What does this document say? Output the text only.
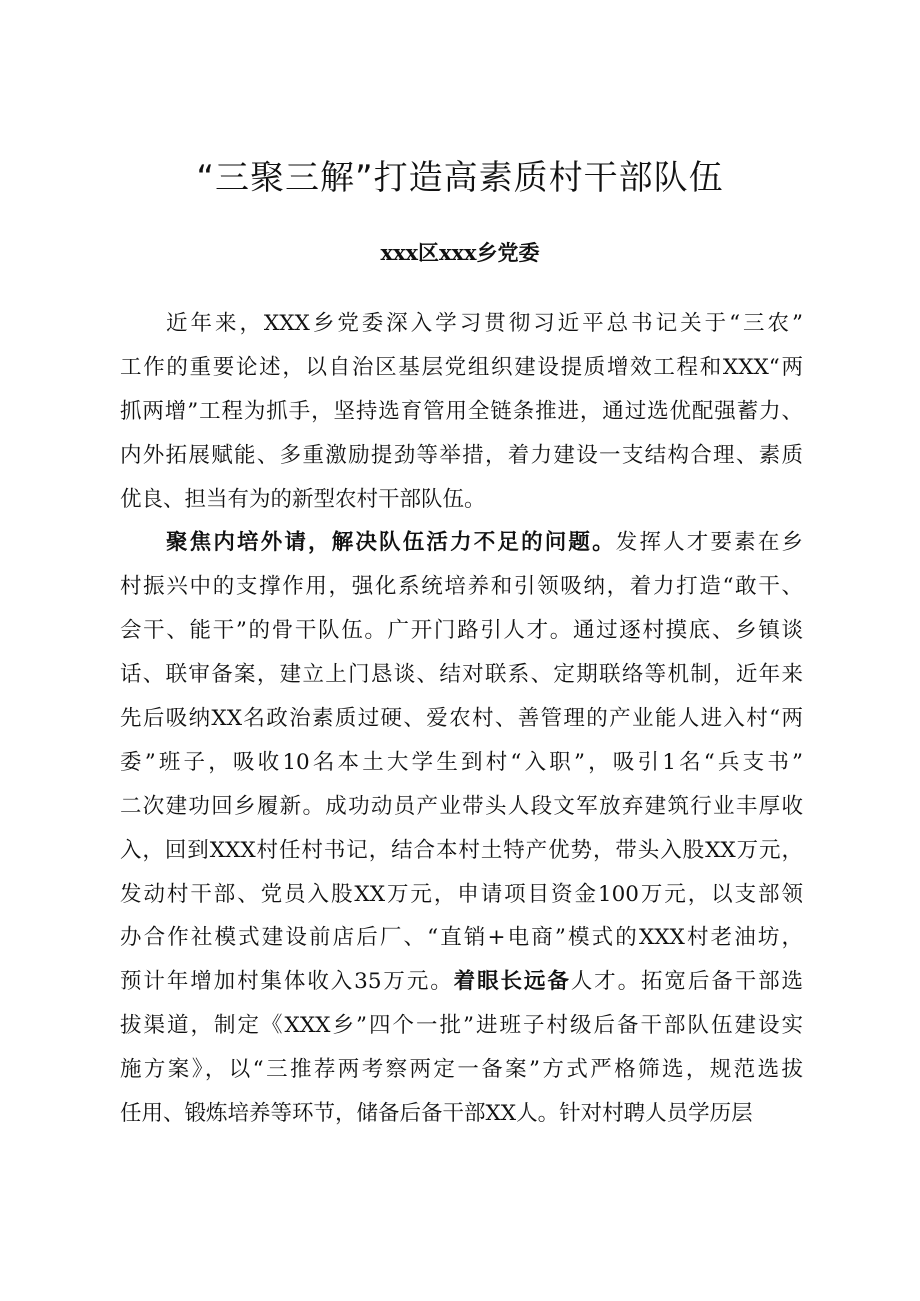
“三聚三解”打造高素质村干部队伍
xxx区xxx乡党委
近年来，XXX乡党委深入学习贯彻习近平总书记关于“三农”
工作的重要论述，以自治区基层党组织建设提质增效工程和XXX“两
抓两增”工程为抓手，坚持选育管用全链条推进，通过选优配强蓄力、
内外拓展赋能、多重激励提劲等举措，着力建设一支结构合理、素质
优良、担当有为的新型农村干部队伍。
聚焦内培外请，解决队伍活力不足的问题。发挥人才要素在乡
村振兴中的支撑作用，强化系统培养和引领吸纳，着力打造“敢干、
会干、能干”的骨干队伍。广开门路引人才。通过逐村摸底、乡镇谈
话、联审备案，建立上门恳谈、结对联系、定期联络等机制，近年来
先后吸纳XX名政治素质过硬、爱农村、善管理的产业能人进入村“两
委”班子，吸收10名本土大学生到村“入职”，吸引1名“兵支书”
二次建功回乡履新。成功动员产业带头人段文军放弃建筑行业丰厚收
入，回到XXX村任村书记，结合本村土特产优势，带头入股XX万元，
发动村干部、党员入股XX万元，申请项目资金100万元，以支部领
办合作社模式建设前店后厂、“直销+电商”模式的XXX村老油坊，
预计年增加村集体收入35万元。着眼长远备人才。拓宽后备干部选
拔渠道，制定《XXX乡”四个一批”进班子村级后备干部队伍建设实
施方案》，以“三推荐两考察两定一备案”方式严格筛选，规范选拔
任用、锻炼培养等环节，储备后备干部XX人。针对村聘人员学历层
